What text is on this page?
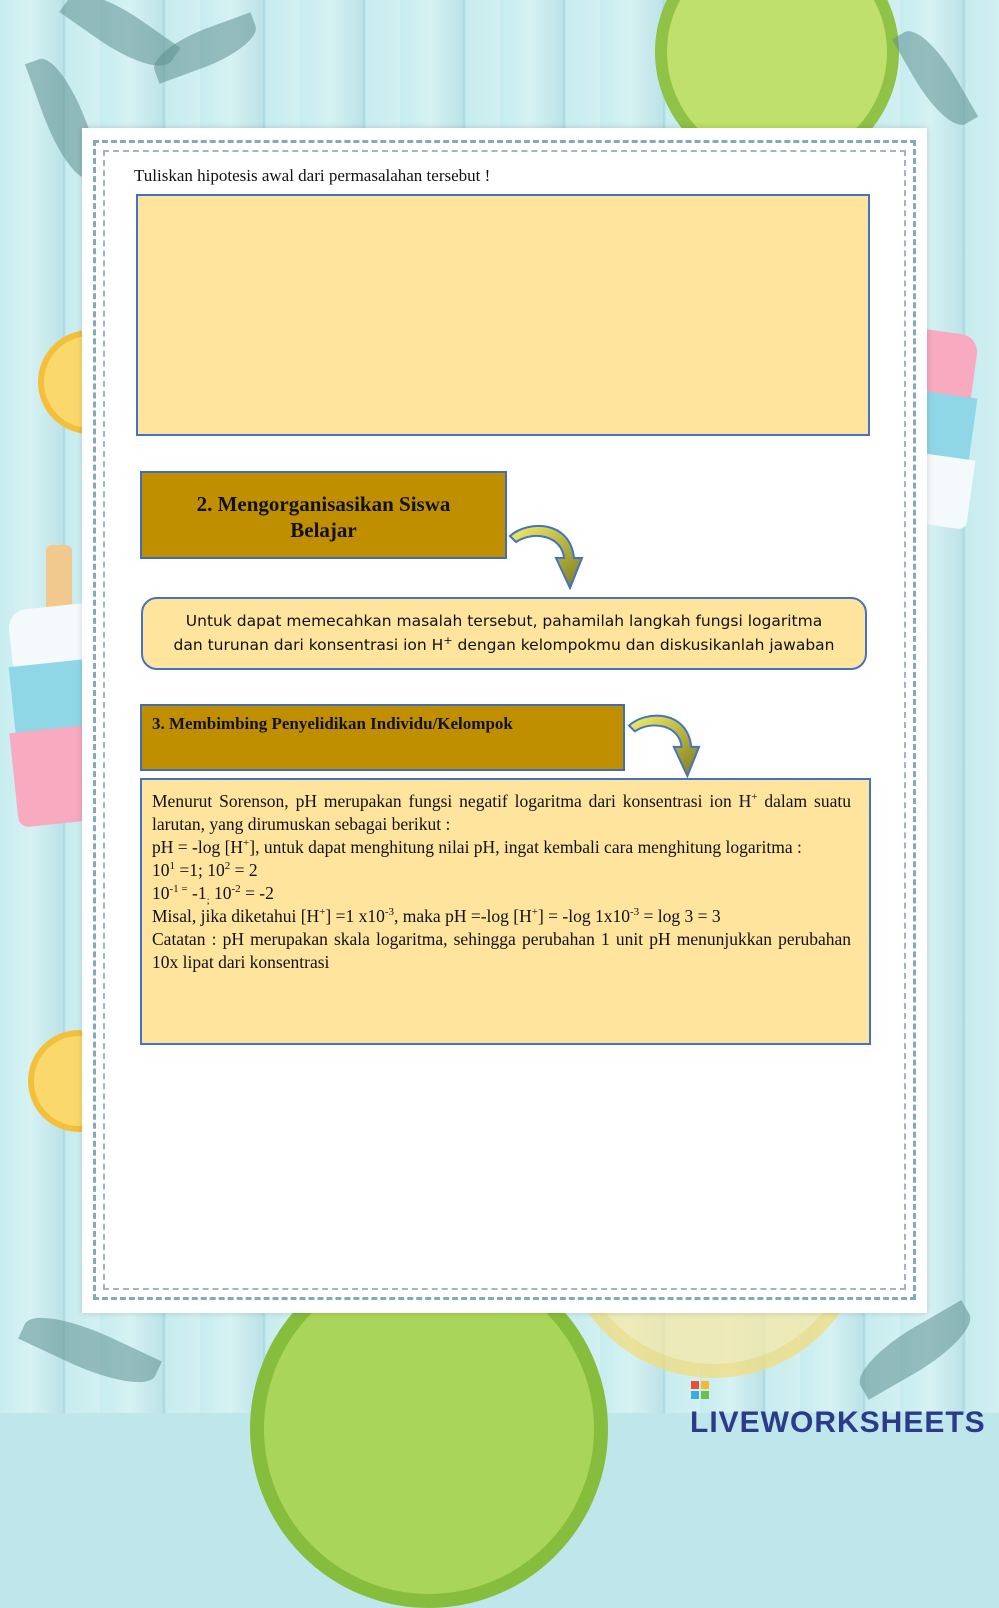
Tuliskan hipotesis awal dari permasalahan tersebut !
2. Mengorganisasikan Siswa
Belajar
Untuk dapat memecahkan masalah tersebut, pahamilah langkah fungsi logaritma
dan turunan dari konsentrasi ion H+ dengan kelompokmu dan diskusikanlah jawaban
3. Membimbing Penyelidikan Individu/Kelompok

Menurut Sorenson, pH merupakan fungsi negatif logaritma dari konsentrasi ion H+ dalam suatu larutan, yang dirumuskan sebagai berikut :

pH = -log [H+], untuk dapat menghitung nilai pH, ingat kembali cara menghitung logaritma :

$10^1 =1$; $10^2 = 2$

$10^{-1 =}$ $-1_;$ $10^{-2} = -2$

Misal, jika diketahui [H+] =1 $x10^{-3}$, maka pH =-log [H+] = -log $1x10^{-3} = \log 3 = 3$

Catatan : pH merupakan skala logaritma, sehingga perubahan 1 unit pH menunjukkan perubahan 10x lipat dari konsentrasi

LIVEWORKSHEETS
